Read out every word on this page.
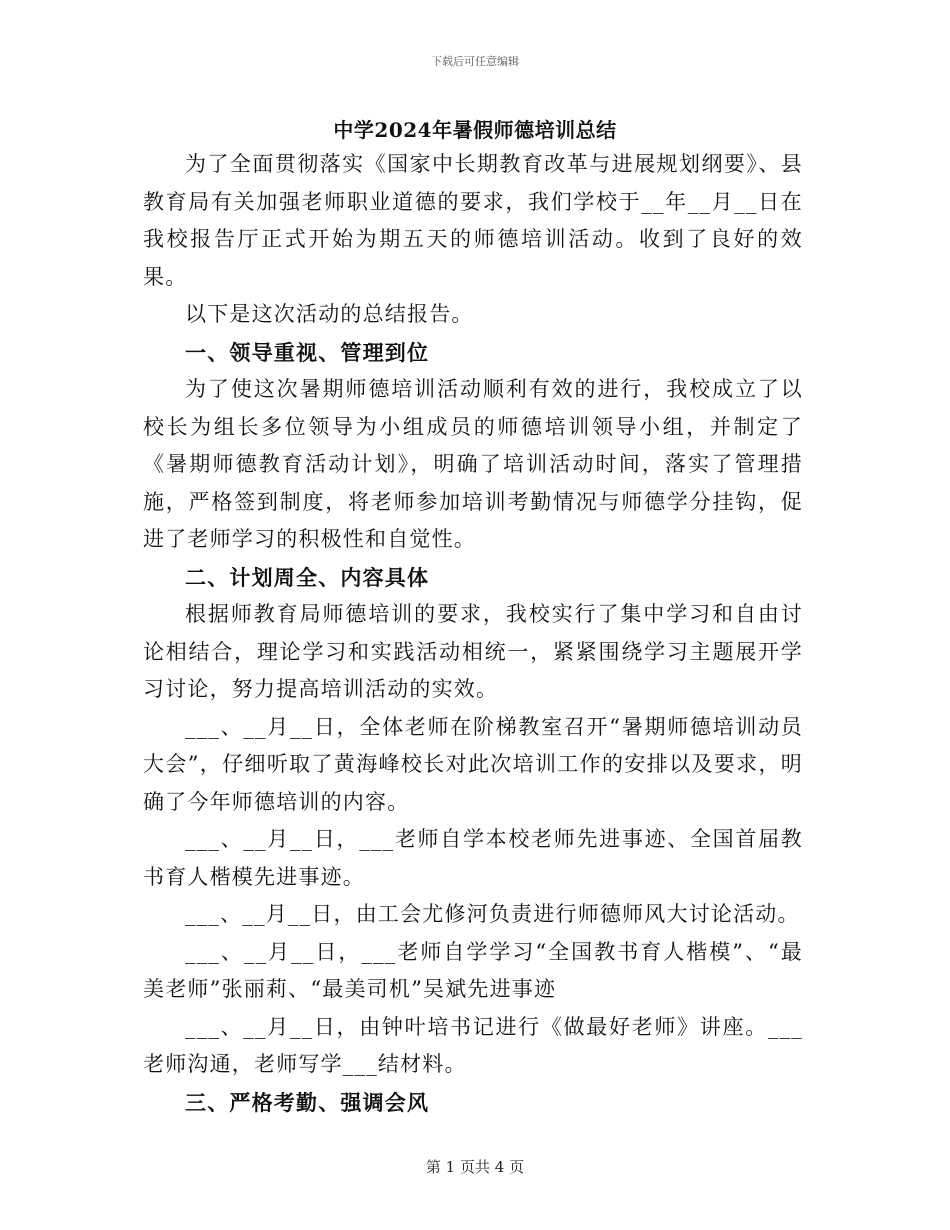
下载后可任意编辑
中学2024年暑假师德培训总结

为了全面贯彻落实《国家中长期教育改革与进展规划纲要》、县教育局有关加强老师职业道德的要求，我们学校于__年__月__日在我校报告厅正式开始为期五天的师德培训活动。收到了良好的效果。

以下是这次活动的总结报告。

一、领导重视、管理到位

为了使这次暑期师德培训活动顺利有效的进行，我校成立了以校长为组长多位领导为小组成员的师德培训领导小组，并制定了《暑期师德教育活动计划》，明确了培训活动时间，落实了管理措施，严格签到制度，将老师参加培训考勤情况与师德学分挂钩，促进了老师学习的积极性和自觉性。

二、计划周全、内容具体

根据师教育局师德培训的要求，我校实行了集中学习和自由讨论相结合，理论学习和实践活动相统一，紧紧围绕学习主题展开学习讨论，努力提高培训活动的实效。

___、__月__日，全体老师在阶梯教室召开“暑期师德培训动员大会”，仔细听取了黄海峰校长对此次培训工作的安排以及要求，明确了今年师德培训的内容。

___、__月__日，___老师自学本校老师先进事迹、全国首届教书育人楷模先进事迹。

___、__月__日，由工会尤修河负责进行师德师风大讨论活动。

___、__月__日，___老师自学学习“全国教书育人楷模”、“最美老师”张丽莉、“最美司机”吴斌先进事迹

___、__月__日，由钟叶培书记进行《做最好老师》讲座。___老师沟通，老师写学___结材料。

三、严格考勤、强调会风

第 1 页共 4 页
